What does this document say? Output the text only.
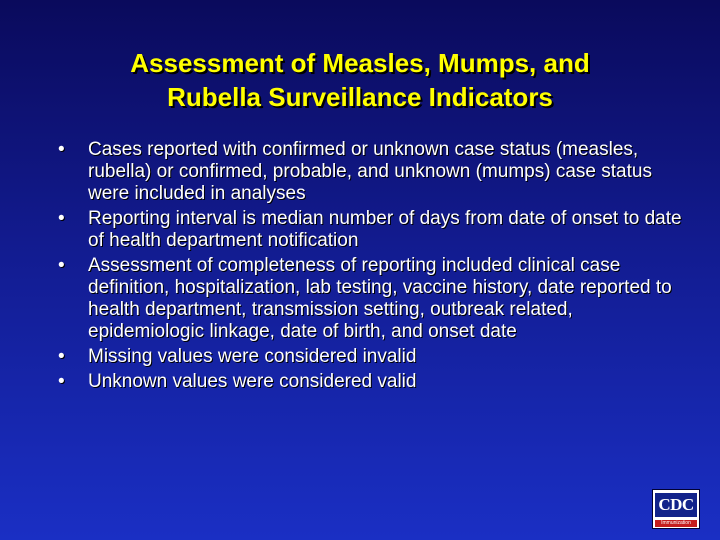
Assessment of Measles, Mumps, and
Rubella Surveillance Indicators
• Cases reported with confirmed or unknown case status (measles, rubella) or confirmed, probable, and unknown (mumps) case status were included in analyses
• Reporting interval is median number of days from date of onset to date of health department notification
• Assessment of completeness of reporting included clinical case definition, hospitalization, lab testing, vaccine history, date reported to health department, transmission setting, outbreak related, epidemiologic linkage, date of birth, and onset date
• Missing values were considered invalid
• Unknown values were considered valid
CDC
Immunization
